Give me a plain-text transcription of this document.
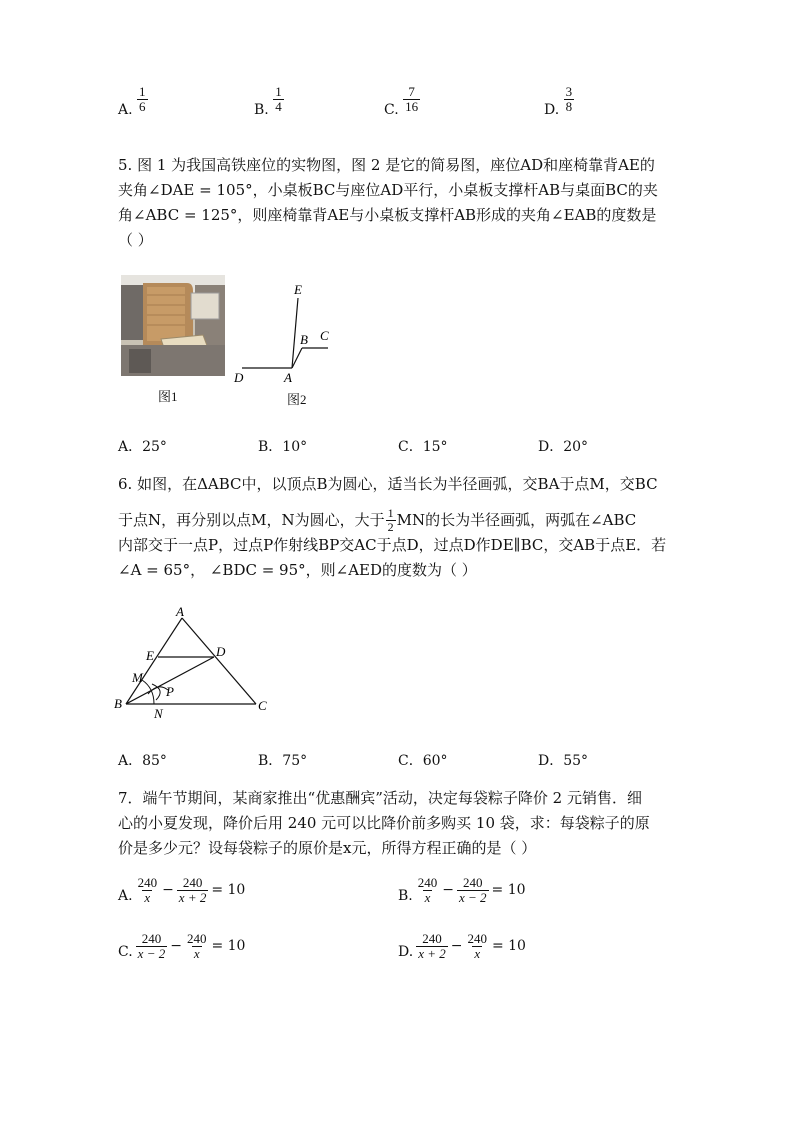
A. $\frac{1}{6}$	B. $\frac{1}{4}$	C. $\frac{7}{16}$	D. $\frac{3}{8}$

5. 图 1 为我国高铁座位的实物图，图 2 是它的简易图，座位AD和座椅靠背AE的

夹角∠DAE = 105°，小桌板BC与座位AD平行，小桌板支撑杆AB与桌面BC的夹

角∠ABC = 125°，则座椅靠背AE与小桌板支撑杆AB形成的夹角∠EAB的度数是

（ ）

图1
E
B C
D	A
图2
A．25°	B．10°	C．15°	D．20°

6. 如图，在ΔABC中，以顶点B为圆心，适当长为半径画弧，交BA于点M，交BC

于点N，再分别以点M，N为圆心，大于 $\frac{1}{2}$ MN的长为半径画弧，两弧在∠ABC

内部交于一点P，过点P作射线BP交AC于点D，过点D作DE∥BC，交AB于点E．若

∠A = 65°， ∠BDC = 95°，则∠AED的度数为（ ）

A
E	D
M
P
B
N
C
A．85°	B．75°	C．60°	D．55°

7．端午节期间，某商家推出“优惠酬宾”活动，决定每袋粽子降价 2 元销售．细

心的小夏发现，降价后用 240 元可以比降价前多购买 10 袋，求：每袋粽子的原

价是多少元？设每袋粽子的原价是x元，所得方程正确的是（ ）

A. $\frac{240}{x} - \frac{240}{x + 2} = 10$	B. $\frac{240}{x} - \frac{240}{x - 2} = 10$
C. $\frac{240}{x - 2} - \frac{240}{x} = 10$	D. $\frac{240}{x + 2} - \frac{240}{x} = 10$
